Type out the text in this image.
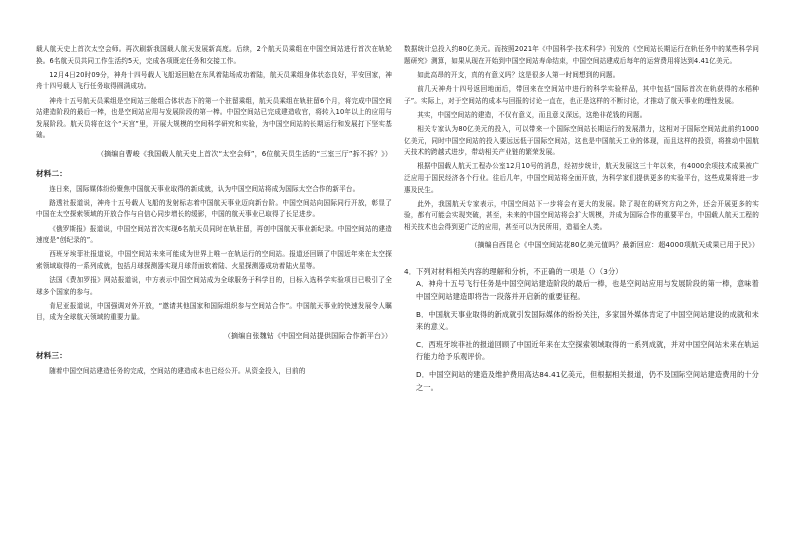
载人航天史上首次太空会师。再次刷新我国载人航天发展新高度。后续，2个航天员乘组在中国空间站进行首次在轨轮换。6名航天员共同工作生活约5天，完成各项既定任务和交接工作。

12月4日20时09分，神舟十四号载人飞船返回舱在东风着陆场成功着陆，航天员乘组身体状态良好，平安回家，神舟十四号载人飞行任务取得圆满成功。

神舟十五号航天员乘组是空间站三舱组合体状态下的第一个驻留乘组，航天员乘组在轨驻留6个月，将完成中国空间站建造阶段的最后一棒，也是空间站应用与发展阶段的第一棒。中国空间站已完成建造收官，将转入10年以上的应用与发展阶段。航天员将在这个“天宫”里，开展大规模的空间科学研究和实验，为中国空间站的长期运行和发展打下坚实基础。

（摘编自曹峻《我国载人航天史上首次“太空会师”，6位航天员生活的“三室三厅”拆不拆？》）
材料二：

连日来，国际媒体纷纷聚焦中国航天事业取得的新成就，认为中国空间站将成为国际太空合作的新平台。

路透社报道说，神舟十五号载人飞船的发射标志着中国航天事业迈向新台阶。中国空间站向国际同行开放，彰显了中国在太空探索领域的开放合作与自信心同步增长的缓影，中国的航天事业已取得了长足进步。

《俄罗斯报》报道说，中国空间站首次实现6名航天员同时在轨驻留，再创中国航天事业新纪录。中国空间站的建造速度是“创纪录的”。

西班牙埃菲社报道说，中国空间站未来可能成为世界上唯一在轨运行的空间站。报道还回顾了中国近年来在太空探索领域取得的一系列成就，包括月球探测器实现月球背面软着陆、火星探测器成功着陆火星等。

法国《费加罗报》网站报道说，中方表示中国空间站成为全球服务于科学目的，目标入选科学实验项目已吸引了全球多个国家的参与。

肯尼亚报道说，中国强调对外开放，“邀请其他国家和国际组织参与空间站合作”。中国航天事业的快速发展令人瞩目，成为全球航天领域的重要力量。

（摘编自张魏钻《中国空间站提供国际合作新平台》）
材料三：

随着中国空间站建造任务的完成，空间站的建造成本也已经公开。从资金投入，目前的

数据统计总投入约80亿美元。而按照2021年《中国科学·技术科学》刊发的《空间站长期运行在轨任务中的某些科学问题研究》测算，如果从现在开始到中国空间站寿命结束，中国空间站建成后每年的运营费用将达到4.41亿美元。

如此高昂的开支，真的有意义吗？这是很多人第一时间想到的问题。

前几天神舟十四号返回地面后，带回来在空间站中进行的科学实验样品，其中包括“国际首次在轨获得的水稻种子”。实际上，对于空间站的成本与回报的讨论一直在，也正是这样的不断讨论，才推动了航天事业的理性发展。

其实，中国空间站的建造，不仅有意义，而且意义深远，这绝非花钱的问题。

相关专家认为80亿美元的投入，可以带来一个国际空间站长期运行的发展潜力，这相对于国际空间站此前约1000亿美元，同时中国空间站的投入要远远低于国际空间站，这也是中国航天工业的体现，而且这样的投资，将推动中国航天技术的跨越式进步，带动相关产业链的繁荣发展。

根据中国载人航天工程办公室12月10号的消息，经初步统计，航天发展这三十年以来，有4000余项技术成果被广泛应用于国民经济各个行业。往后几年，中国空间站将全面开放，为科学家们提供更多的实验平台，这些成果将进一步惠及民生。

此外，我国航天专家表示，中国空间站下一步将会有更大的发展。除了现在的研究方向之外，还会开展更多的实验，都有可能会实现突破，甚至，未来的中国空间站将会扩大规模，并成为国际合作的重要平台，中国载人航天工程的相关技术也会得到更广泛的应用，甚至可以为民所用，造福全人类。

（摘编自西昆仑《中国空间站花80亿美元值吗？最新回应：超4000项航天成果已用于民》）
4．下列对材料相关内容的理解和分析，不正确的一项是（）（3分）

A．神舟十五号飞行任务是中国空间站建造阶段的最后一棒，也是空间站应用与发展阶段的第一棒，意味着中国空间站建造即将告一段落并开启新的重要征程。

B．中国航天事业取得的新成就引发国际媒体的纷纷关注，多家国外媒体肯定了中国空间站建设的成就和未来的意义。

C．西班牙埃菲社的报道回顾了中国近年来在太空探索领域取得的一系列成就，并对中国空间站未来在轨运行能力给予乐观评价。

D．中国空间站的建造及维护费用高达84.41亿美元，但根据相关报道，仍不及国际空间站建造费用的十分之一。
